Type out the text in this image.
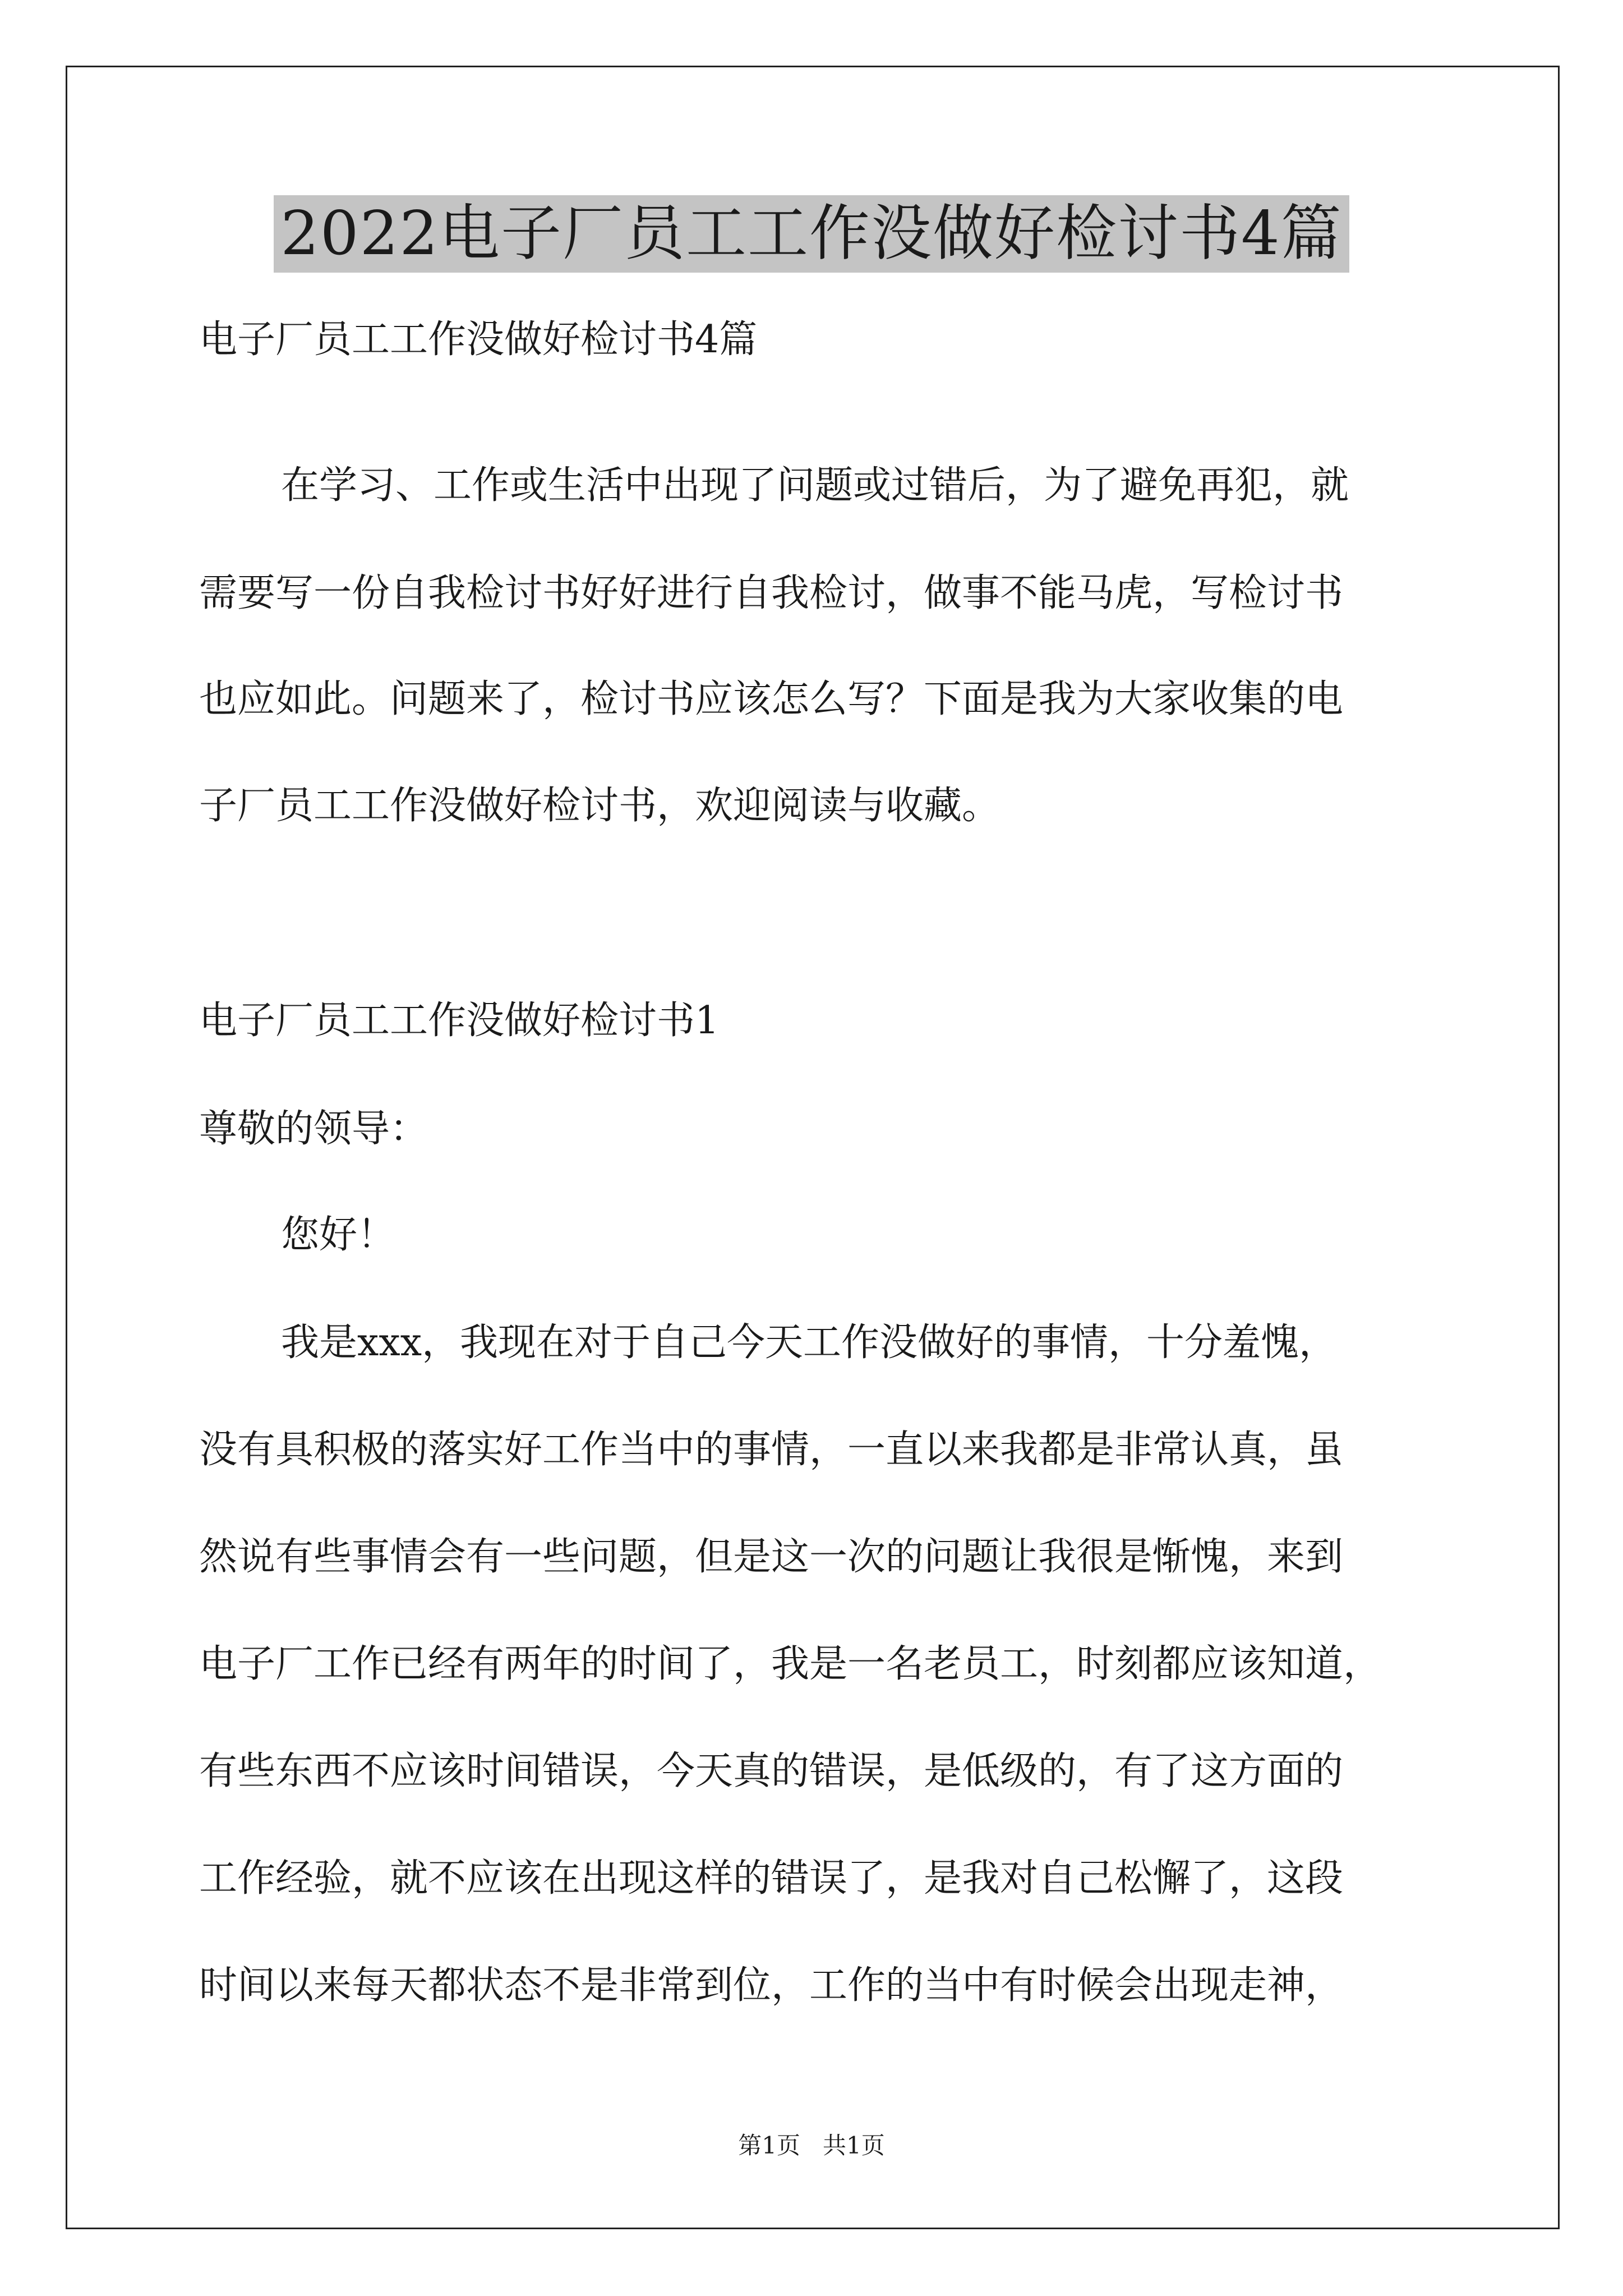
2022电子厂员工工作没做好检讨书4篇

电子厂员工工作没做好检讨书4篇

在学习、工作或生活中出现了问题或过错后，为了避免再犯，就

需要写一份自我检讨书好好进行自我检讨，做事不能马虎，写检讨书

也应如此。问题来了，检讨书应该怎么写？下面是我为大家收集的电

子厂员工工作没做好检讨书，欢迎阅读与收藏。

电子厂员工工作没做好检讨书1

尊敬的领导：

您好！

我是xxx，我现在对于自己今天工作没做好的事情，十分羞愧，

没有具积极的落实好工作当中的事情，一直以来我都是非常认真，虽

然说有些事情会有一些问题，但是这一次的问题让我很是惭愧，来到

电子厂工作已经有两年的时间了，我是一名老员工，时刻都应该知道，

有些东西不应该时间错误，今天真的错误，是低级的，有了这方面的

工作经验，就不应该在出现这样的错误了，是我对自己松懈了，这段

时间以来每天都状态不是非常到位，工作的当中有时候会出现走神，

第1页   共1页
